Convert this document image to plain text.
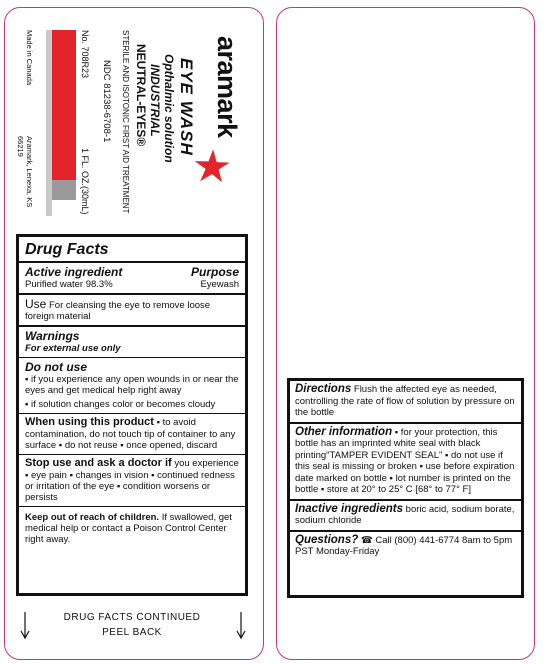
aramark
EYE WASH
Opthalmic solution
INDUSTRIAL
NEUTRAL-EYES®
STERILE AND ISOTONIC FIRST AID TREATMENT
NDC 81238-6708-1
No. 708R23
1 FL. OZ.(30mL)
Made in Canada
Aramark, Lenexa, KS 66219
Drug Facts
Active ingredient	Purpose
Purified water 98.3%	Eyewash
Use For cleansing the eye to remove loose foreign material
Warnings
For external use only
Do not use
▪ if you experience any open wounds in or near the eyes and get medical help right away
▪ if solution changes color or becomes cloudy
When using this product ▪ to avoid contamination, do not touch tip of container to any surface ▪ do not reuse ▪ once opened, discard
Stop use and ask a doctor if you experience ▪ eye pain ▪ changes in vision ▪ continued redness or irritation of the eye ▪ condition worsens or persists
Keep out of reach of children. If swallowed, get medical help or contact a Poison Control Center right away.
DRUG FACTS CONTINUED
PEEL BACK
Directions Flush the affected eye as needed, controlling the rate of flow of solution by pressure on the bottle
Other information ▪ for your protection, this bottle has an imprinted white seal with black printing"TAMPER EVIDENT SEAL" ▪ do not use if this seal is missing or broken ▪ use before expiration date marked on bottle ▪ lot number is printed on the bottle ▪ store at 20° to 25° C [68° to 77° F]
Inactive ingredients boric acid, sodium borate, sodium chloride
Questions? ☎ Call (800) 441-6774 8am to 5pm PST Monday-Friday
